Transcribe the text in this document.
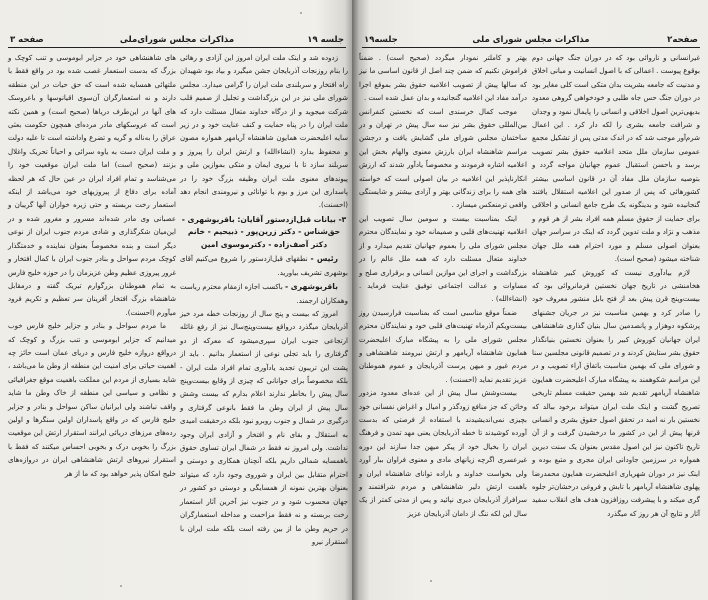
جلسه ۱۹
مذاکرات مجلس شورای‌ملی
صفحه ۳

زدوده شد و اینک ملت ایران امروز این آزادی و رهائی را بنام روزنجات آذربایجان جشن میگیرد و بیاد بود شهیدان راه افتخار و سربلندی ملت ایران را گرامی میدارد. مجلس شورای ملی نیز در این بزرگداشت و تجلیل از صمیم قلب شرکت میجوید و از درگاه خداوند متعال مسئلت دارد که ملت ایران را در پناه حمایت و کنف عنایت خود و در زیر سایه اعلیحضرت همایون شاهنشاه آریامهر همواره مصون و محفوظ بدارد (انشاءالله) و ارتش ایران را پیروز و سربلند سازد تا با نیروی ایمان و متکی بموازین ملی و پیوندهای معنوی ملت ایران وظیفه بزرگ خود را در پاسداری این مرز و بوم با توانائی و نیرومندی انجام دهد (احسنت).

۳- بیانات قبل‌ازدستور آقایان: باقربوشهری - حق‌شناس - دکتر زرین‌پور - ذبیحیم - خانم دکتر آصف‌زاده - دکترموسوی امین

رئیس - نطقهای قبل‌ازدستور را شروع می‌کنیم آقای بوشهری تشریف بیاورید.

باقربوشهری - باکسب اجازه ازمقام محترم ریاست وهمکاران ارجمند.

امروز که بیست و پنج سال از روزنجات خطه مرد خیز آذربایجان میگذرد درواقع بیست‌وپنج‌سال نیز از رفع غائله ارتجاعی جنوب ایران سپری‌میشود که معرکه از دو گرفتاری را باید تجلی نوعی از استعمار بدانیم . باید از پشت این تریبون تجدید یادآوری تمام افراد ملت ایران - بلکه مخصوصاً برای جوانانی که چیزی از وقایع بیست‌وپنج سال پیش را بخاطر ندارند اعلام بدارم که بیست وشش سال پیش از ایران وطن ما فقط بانوعی گرفتاری و درگیری در شمال و جنوب روبرو نبود بلکه درحقیقت امیدی به استقلال و بقای نام و افتخار و آزادی ایران وجود نداشت. ولی امروز نه فقط در شمال ایران تساوی حقوق باهمسایه شمالی داریم بلکه آنچنان همکاری و دوستی و احترام متقابل بین ایران و شوروی وجود دارد که میتواند بعنوان بهترین نمونه از همسایگی و دوستی دو کشور در جهان محسوب شود و در جنوب نیز آخرین آثار استعمار رخت بربسته و نه فقط مزاحمت و مداخله استعمارگران در حریم وطن ما از بین رفته است بلکه ملت ایران با استقرار نیرو

های شاهنشاهی خود در جزایر ابوموسی و تنب کوچک و بزرگ که بدست استعمار غصب شده بود در واقع فقط با ملتهائی همسایه شده است که حق حیات در این منطقه دارند و نه استعمارگران آن‌سوی اقیانوسها و باعروسک های آنها در این‌طرف دریاها (صحیح است) و همین نکته است که عروسکهای مادر مرده‌ای همچون حکومت بعثی عراق را به‌ناله و گریه و تضرع واداشته است تا علیه دولت و ملت ایران دست به یاوه سرائی و احیاناً تحریک واغلال بزنند (صحیح است) اما ملت ایران موقعیت خود را می‌شناسد و تمام افراد ایران در عین حال که هر لحظه آماده برای دفاع از پیروزیهای خود می‌باشد از اینکه استعمار رخت بربسته و حتی زیره خواران آنها گریبان و عصبانی وی مادر شده‌اند مسرور و مغرور شده و در این‌میان شکرگذاری و شادی مردم جنوب ایران از نوعی دیگر است و بنده مخصوصاً بعنوان نماینده و خدمتگذار کوچک مردم سواحل و بنادر جنوب ایران با کمال افتخار و غرور پیروزی عظیم وطن عزیزمان را در حوزه خلیج فارس به تمام هموطنان بزرگوارم تبریک گفته و درمقابل شاهنشاه بزرگ افتخار آفرینان سر تعظیم و تکریم فرود میآورم (احسنت).

ما مردم سواحل و بنادر و جزایر خلیج فارس خوب میدانیم که جزایر ابوموسی و تنب بزرگ و کوچک که درواقع دروازه خلیج فارس و دریای عمان است حائز چه اهمیت حیاتی برای امنیت این منطقه از وطن ما می‌باشد ، شاید بسیاری از مردم این مملکت باهمیت موقع جغرافیائی و نظامی و سیاسی این منطقه از خاک وطن ما شاید واقف نباشند ولی ایرانیان ساکن سواحل و بنادر و جزایر خلیج فارس که در واقع پاسداران اولین سنگرها و اولین رده‌های مرزهای دریائی ایرانند استقرار ارتش این موقعیت بزرگ را بخوبی درک و بخوبی احساس میکنند که فقط با استقرار نیروهای ارتش شاهنشاهی ایران در دروازه‌های خلیج امکان پذیر خواهد بود که ما از هر

جلسه۱۹	مذاکرات مجلس شورای ملی	صفحه۲

غیرانسانی و ناروائی بود که در دوران جنگ جهانی دوم بوقوع پیوست . اعمالی که با اصول انسانیت و مبانی اخلاق و مدنیت که جامعه بشریت بدان متکی است کلی مغایر بود در دوران جنگ حس جاه طلبی و خودخواهی گروهی معدود بدیهی‌ترین اصول اخلاقی و انسانی را پایمال نمود و وجدان و شرافت جامعه بشری را لکه دار کرد . این اعمال شرم‌آور موجب شد که در اندک مدتی پس از تشکیل مجمع عمومی سازمان ملل متحد اعلامیه حقوق بشر تصویب برسد و باحسن استقبال عموم جهانیان مواجه گردد و بتوصیه سازمان ملل مفاد آن در قانون اساسی بیشتر کشورهائی که پس از صدور این اعلامیه استقلال یافتند گنجانیده شود و بدینگونه یک طرح جامع انسانی و اخلاقی برای حمایت از حقوق مسلم همه افراد بشر از هر قوم و مذهب و نژاد و ملت تدوین گردد که اینک در سراسر جهان بعنوان اصولی مسلم و مورد احترام همه ملل جهان شناخته میشود (صحیح است).

لازم بیادآوری نیست که کوروش کبیر شاهنشاه هخامنشی در تاریخ جهان نخستین فرمانروائی بود که بیست‌وپنج قرن پیش بعد از فتح بابل منشور معروف خود را صادر کرد و بهمین مناسبت نیز در جریان جشنهای پرشکوه دوهزار و پانصدمین سال بنیان گذاری شاهنشاهی ایران جهانیان کوروش کبیر را بعنوان نخستین بنیانگذار حقوق بشر ستایش کردند و در تصمیم قانونی مجلسین سنا و شورای ملی که بهمین مناسبت باتفاق آراء تصویب و در این مراسم شکوهمند به پیشگاه مبارک اعلیحضرت همایون شاهنشاه آریامهر تقدیم شد بهمین حقیقت مسلم تاریخی تصریح گشت و اینک ملت ایران میتواند برخود ببالد که نخستین بار نه امید در تحقق اصول حقوق بشری و انسانی قرنها پیش از این در کشور ما درخشیدن گرفت و از آن تاریخ تاکنون نیز این اصول مقدس بعنوان یک سنت دیرین همواره در سرزمین جاودانی ایران مجری و متبع بوده و اینک نیز در دوران شهریاری اعلیحضرت همایون محمدرضا پهلوی شاهنشاه آریامهر با تابش و فروغی درخشان‌تر جلوه گری میکند و با پیشرفت روزافزون هدف های انقلاب سفید آثار و نتایج آن هر روز که میگذرد

بهتر و کاملتر نمودار میگردد (صحیح است) . ضمناً فراموش نکنیم که ضمن چند اصل از قانون اساسی ما نیز که سالها پیش از تصویب اعلامیه حقوق بشر بموقع اجرا درآمد مفاد این اعلامیه گنجانیده و بدان عمل شده است .

موجب کمال خرسندی است که نخستین کنفرانس بین‌المللی حقوق بشر نیز سه سال پیش در تهران و در ساختمان مجلس شورای ملی گشایش یافت و درجشن مراسم شاهنشاه ایران بارزش معنوی والهام بخش این اعلامیه اشاره فرمودند و مخصوصاً یادآور شدند که ارزش انکارناپذیر این اعلامیه در بیان اصولی است که خواسته های همه را برای زندگانی بهتر و آزادی بیشتر و شایستگی واقعی ترمنعکس میسازد .

اینک بمناسبت بیست و سومین سال تصویب این اعلامیه تهنیت‌های قلبی و صمیمانه خود و نمایندگان محترم مجلس شورای ملی را بعموم جهانیان تقدیم میدارد و از خداوند متعال مسئلت دارد که همه ملل عالم را در بزرگداشت و اجرای این موازین انسانی و برقراری صلح و مساوات و عدالت اجتماعی توفیق عنایت فرماید . (انشاءالله) .

ضمناً موقع مناسبی است که بمناسبت فرارسیدن روز بیست‌ویکم آذرماه تهنیت‌های قلبی خود و نمایندگان محترم مجلس شورای ملی را به پیشگاه مبارک اعلیحضرت همایون شاهنشاه آریامهر و ارتش نیرومند شاهنشاهی و مردم غیور و میهن پرست آذربایجان و عموم هموطنان عزیز تقدیم نماید (احسنت) .

بیست‌وشش سال پیش از این عده‌ای معدود مزدور وخائن که جز منافع زودگذر و امیال و اغراض نفسانی خود بچیزی نمی‌اندیشیدند با استفاده از فرصتی که بدست آورده کوشیدند تا خطه آذربایجان یعنی مهد تمدن و فرهنگ ایران را بخیال خود از پیکر میهن جدا سازند این دوره غیرعسری اگرچه زیانهای مادی و معنوی فراوان ببار آورد ولی بخواست خداوند و باراده توانای شاهنشاه ایران و باهمت ارتش دلیر شاهنشاهی و مردم شرافتمند و سرافراز آذربایجان دیری نپائید و پس از مدتی کمتر از یک سال این لکه ننگ از دامان آذربایجان عزیز
